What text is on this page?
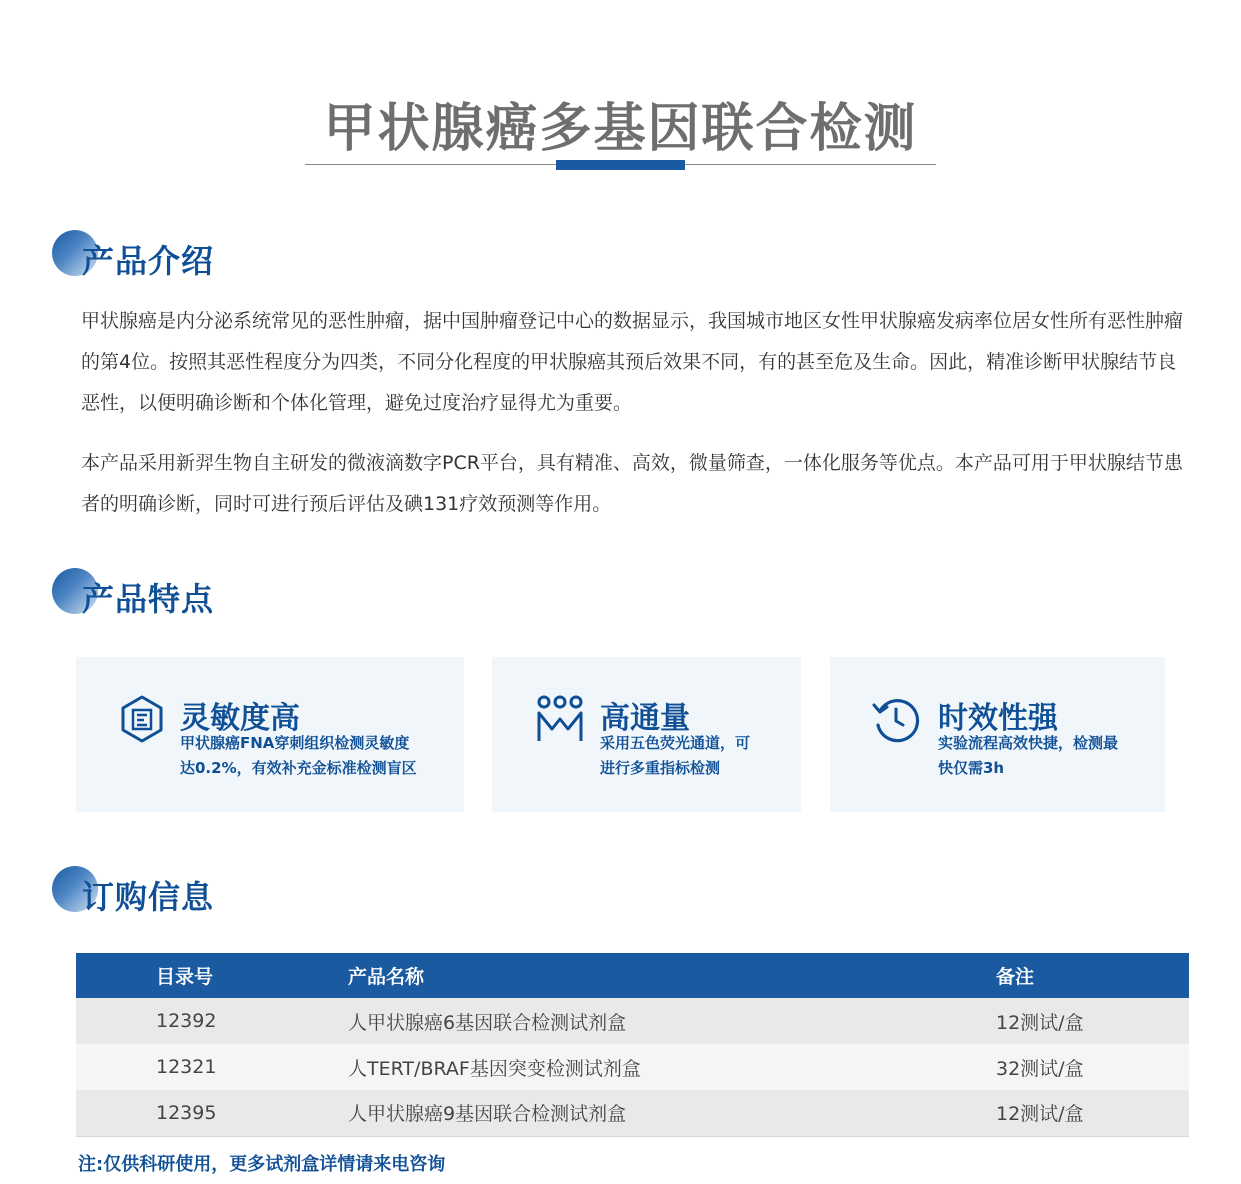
甲状腺癌多基因联合检测
产品介绍

甲状腺癌是内分泌系统常见的恶性肿瘤，据中国肿瘤登记中心的数据显示，我国城市地区女性甲状腺癌发病率位居女性所有恶性肿瘤的第4位。按照其恶性程度分为四类，不同分化程度的甲状腺癌其预后效果不同，有的甚至危及生命。因此，精准诊断甲状腺结节良恶性，以便明确诊断和个体化管理，避免过度治疗显得尤为重要。

本产品采用新羿生物自主研发的微液滴数字PCR平台，具有精准、高效，微量筛查，一体化服务等优点。本产品可用于甲状腺结节患者的明确诊断，同时可进行预后评估及碘131疗效预测等作用。

产品特点
灵敏度高
甲状腺癌FNA穿刺组织检测灵敏度
达0.2%，有效补充金标准检测盲区
高通量
采用五色荧光通道，可
进行多重指标检测
时效性强
实验流程高效快捷，检测最
快仅需3h
订购信息
目录号	产品名称	备注
12392	人甲状腺癌6基因联合检测试剂盒	12测试/盒
12321	人TERT/BRAF基因突变检测试剂盒	32测试/盒
12395	人甲状腺癌9基因联合检测试剂盒	12测试/盒
注:仅供科研使用，更多试剂盒详情请来电咨询
